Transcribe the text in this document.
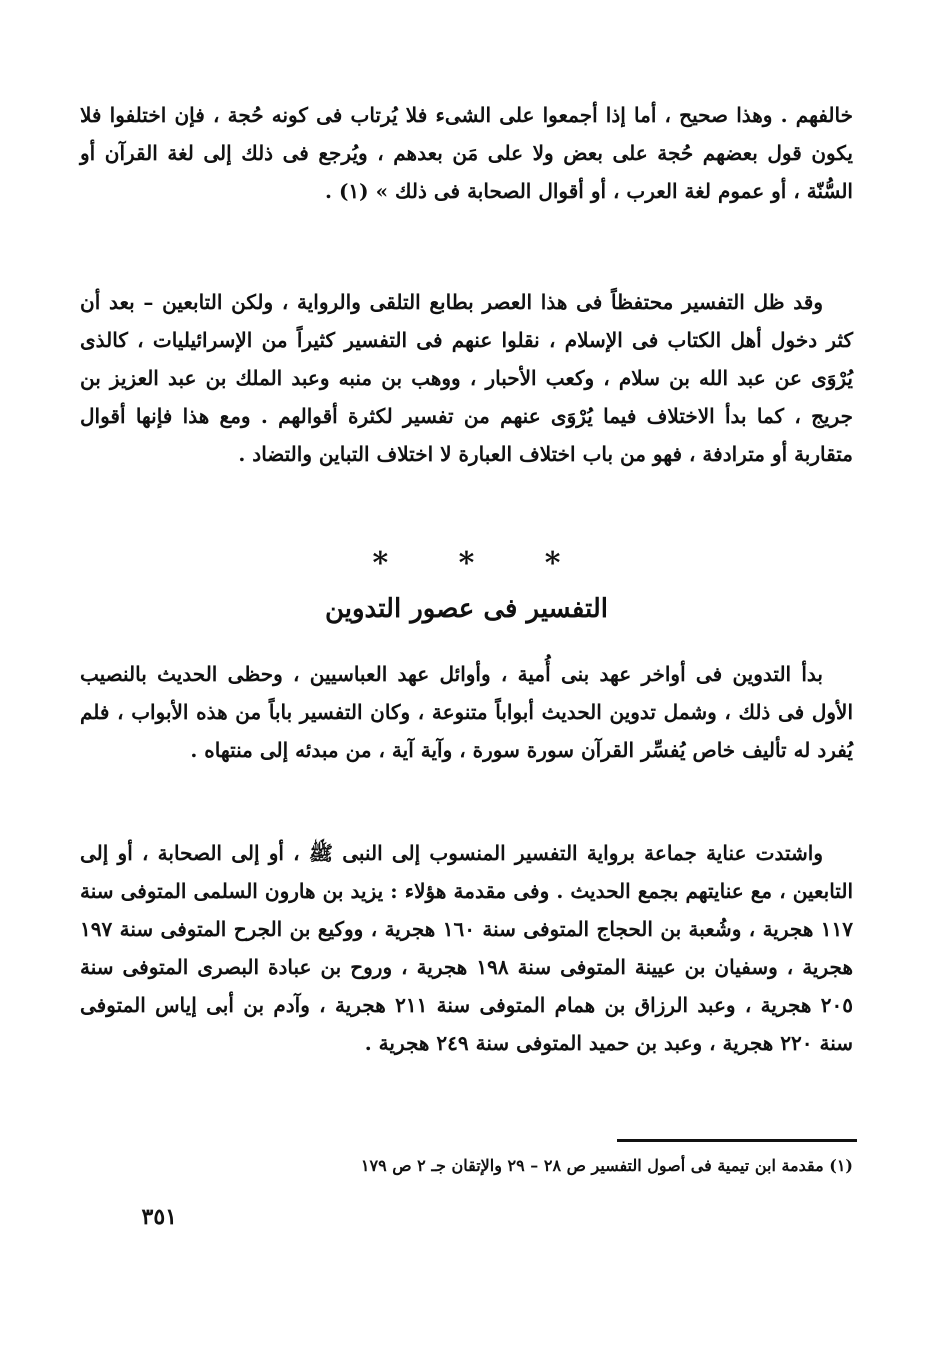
خالفهم . وهذا صحيح ، أما إذا أجمعوا على الشىء فلا يُرتاب فى كونه حُجة ، فإن اختلفوا فلا يكون قول بعضهم حُجة على بعض ولا على مَن بعدهم ، ويُرجع فى ذلك إلى لغة القرآن أو السُّنّة ، أو عموم لغة العرب ، أو أقوال الصحابة فى ذلك » (١) .

وقد ظل التفسير محتفظاً فى هذا العصر بطابع التلقى والرواية ، ولكن التابعين – بعد أن كثر دخول أهل الكتاب فى الإسلام ، نقلوا عنهم فى التفسير كثيراً من الإسرائيليات ، كالذى يُرْوَى عن عبد الله بن سلام ، وكعب الأحبار ، ووهب بن منبه وعبد الملك بن عبد العزيز بن جريج ، كما بدأ الاختلاف فيما يُرْوَى عنهم من تفسير لكثرة أقوالهم . ومع هذا فإنها أقوال متقاربة أو مترادفة ، فهو من باب اختلاف العبارة لا اختلاف التباين والتضاد .

* * *
التفسير فى عصور التدوين

بدأ التدوين فى أواخر عهد بنى أُمية ، وأوائل عهد العباسيين ، وحظى الحديث بالنصيب الأول فى ذلك ، وشمل تدوين الحديث أبواباً متنوعة ، وكان التفسير باباً من هذه الأبواب ، فلم يُفرد له تأليف خاص يُفسِّر القرآن سورة سورة ، وآية آية ، من مبدئه إلى منتهاه .

واشتدت عناية جماعة برواية التفسير المنسوب إلى النبى ﷺ ، أو إلى الصحابة ، أو إلى التابعين ، مع عنايتهم بجمع الحديث . وفى مقدمة هؤلاء : يزيد بن هارون السلمى المتوفى سنة ١١٧ هجرية ، وشُعبة بن الحجاج المتوفى سنة ١٦٠ هجرية ، ووكيع بن الجرح المتوفى سنة ١٩٧ هجرية ، وسفيان بن عيينة المتوفى سنة ١٩٨ هجرية ، وروح بن عبادة البصرى المتوفى سنة ٢٠٥ هجرية ، وعبد الرزاق بن همام المتوفى سنة ٢١١ هجرية ، وآدم بن أبى إياس المتوفى سنة ٢٢٠ هجرية ، وعبد بن حميد المتوفى سنة ٢٤٩ هجرية .

(١) مقدمة ابن تيمية فى أصول التفسير ص ٢٨ – ٢٩ والإتقان جـ ٢ ص ١٧٩
٣٥١
